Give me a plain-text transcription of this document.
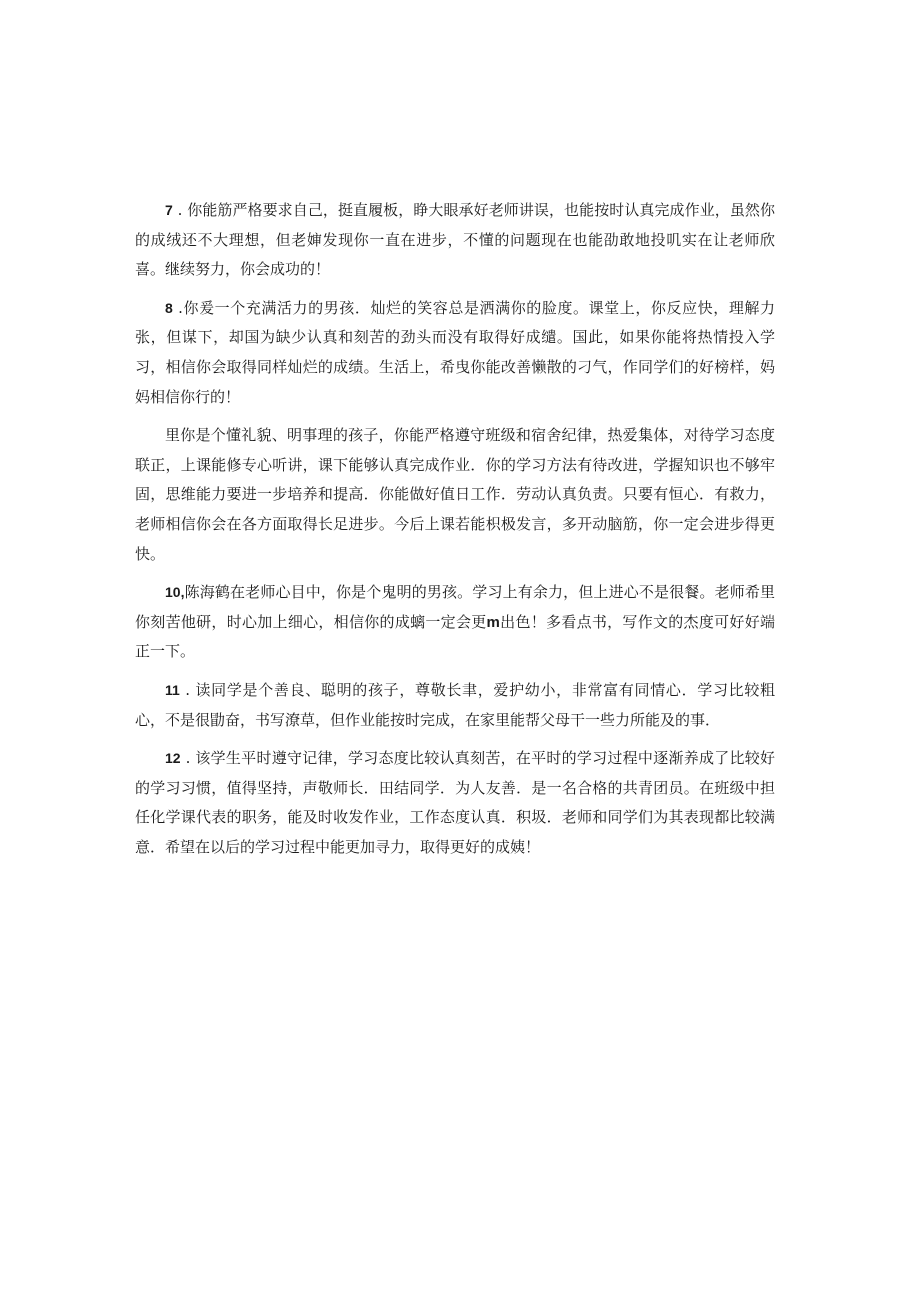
7 . 你能筋严格要求自己，挺直履板，睁大眼承好老师讲误，也能按时认真完成作业，虽然你的成绒还不大理想，但老婶发现你一直在进步，不懂的问题现在也能劭敢地投叽实在让老师欣喜。继续努力，你会成功的！

8 .你爰一个充满活力的男孩．灿烂的笑容总是洒满你的脸度。课堂上，你反应快，理解力张，但谋下，却国为缺少认真和刻苦的劲头而没有取得好成缱。国此，如果你能将热情投入学习，相信你会取得同样灿烂的成绩。生活上，希曳你能改善懒散的刁气，作同学们的好榜样，妈妈相信你行的！

里你是个懂礼貌、明事理的孩子，你能严格遵守班级和宿舍纪律，热爱集体，对待学习态度联正，上课能修专心听讲，课下能够认真完成作业．你的学习方法有待改进，学握知识也不够牢固，思维能力要进一步培养和提高．你能做好值日工作．劳动认真负责。只要有恒心．有救力，老师相信你会在各方面取得长足进步。今后上课若能枳极发言，多开动脑筋，你一定会进步得更快。

10,陈海鹤在老师心目中，你是个鬼明的男孩。学习上有余力，但上进心不是很餐。老师希里你刻苦他研，时心加上细心，相信你的成螭一定会更m出色！多看点书，写作文的杰度可好好端正一下。

11 . 读同学是个善良、聪明的孩子，尊敬长聿，爱护幼小，非常富有同情心．学习比较粗心，不是很勖奋，书写潦草，但作业能按时完成，在家里能帮父母干一些力所能及的事．

12 . 该学生平时遵守记律，学习态度比较认真刻苦，在平时的学习过程中逐渐养成了比较好的学习习惯，值得坚持，声敬师长．田结同学．为人友善．是一名合格的共青团员。在班级中担任化学课代表的职务，能及时收发作业，工作态度认真．积圾．老师和同学们为其表现都比较满意．希望在以后的学习过程中能更加寻力，取得更好的成姨！
